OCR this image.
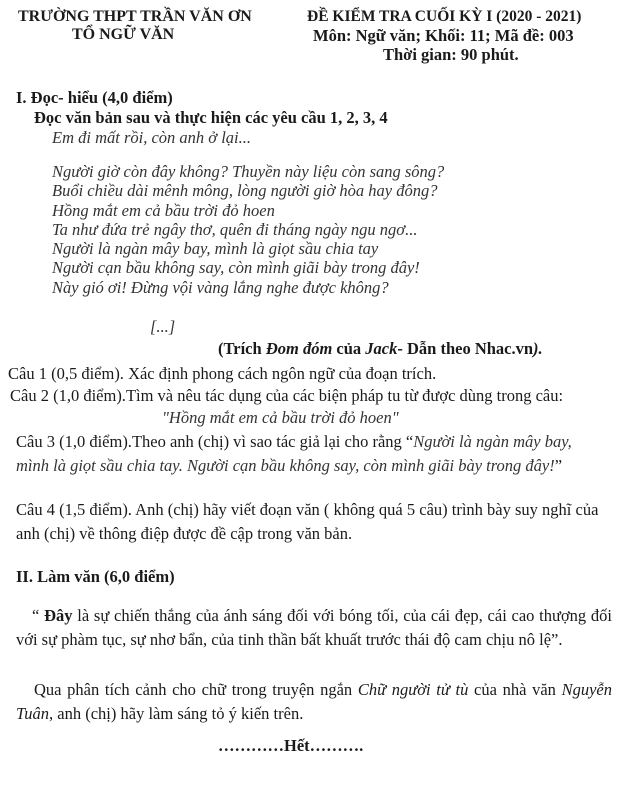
TRƯỜNG THPT TRẦN VĂN ƠN
TỔ NGỮ VĂN
ĐỀ KIỂM TRA CUỐI KỲ I (2020 - 2021)
Môn: Ngữ văn; Khối: 11; Mã đề: 003
Thời gian: 90 phút.
I. Đọc- hiểu (4,0 điểm)
Đọc văn bản sau và thực hiện các yêu cầu 1, 2, 3, 4
Em đi mất rồi, còn anh ở lại...
Người giờ còn đây không? Thuyền này liệu còn sang sông?
Buổi chiều dài mênh mông, lòng người giờ hòa hay đông?
Hồng mắt em cả bầu trời đỏ hoen
Ta như đứa trẻ ngây thơ, quên đi tháng ngày ngu ngơ...
Người là ngàn mây bay, mình là giọt sầu chia tay
Người cạn bầu không say, còn mình giãi bày trong đây!
Này gió ơi! Đừng vội vàng lắng nghe được không?
[...]
(Trích Đom đóm của Jack- Dẫn theo Nhac.vn).
Câu 1 (0,5 điểm). Xác định phong cách ngôn ngữ của đoạn trích.
Câu 2 (1,0 điểm).Tìm và nêu tác dụng của các biện pháp tu từ được dùng trong câu:
"Hồng mắt em cả bầu trời đỏ hoen"
Câu 3 (1,0 điểm).Theo anh (chị) vì sao tác giả lại cho rằng “Người là ngàn mây bay, mình là giọt sầu chia tay. Người cạn bầu không say, còn mình giãi bày trong đây!”
Câu 4 (1,5 điểm). Anh (chị) hãy viết đoạn văn ( không quá 5 câu) trình bày suy nghĩ của anh (chị) về thông điệp được đề cập trong văn bản.
II. Làm văn (6,0 điểm)
“ Đây là sự chiến thắng của ánh sáng đối với bóng tối, của cái đẹp, cái cao thượng đối với sự phàm tục, sự nhơ bẩn, của tinh thần bất khuất trước thái độ cam chịu nô lệ”.
Qua phân tích cảnh cho chữ trong truyện ngắn Chữ người tử tù của nhà văn Nguyễn Tuân, anh (chị) hãy làm sáng tỏ ý kiến trên.
…………Hết……….
